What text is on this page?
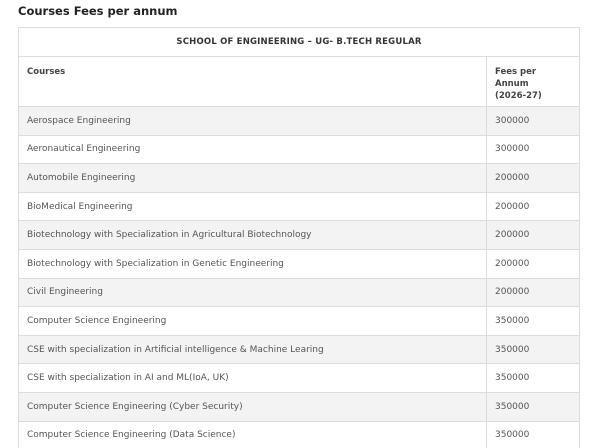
Courses Fees per annum
SCHOOL OF ENGINEERING – UG- B.TECH REGULAR	
Courses	Fees per Annum
(2026-27)
Aerospace Engineering	300000
Aeronautical Engineering	300000
Automobile Engineering	200000
BioMedical Engineering	200000
Biotechnology with Specialization in Agricultural Biotechnology	200000
Biotechnology with Specialization in Genetic Engineering	200000
Civil Engineering	200000
Computer Science Engineering	350000
CSE with specialization in Artificial intelligence & Machine Learing	350000
CSE with specialization in AI and ML(IoA, UK)	350000
Computer Science Engineering (Cyber Security)	350000
Computer Science Engineering (Data Science)	350000
